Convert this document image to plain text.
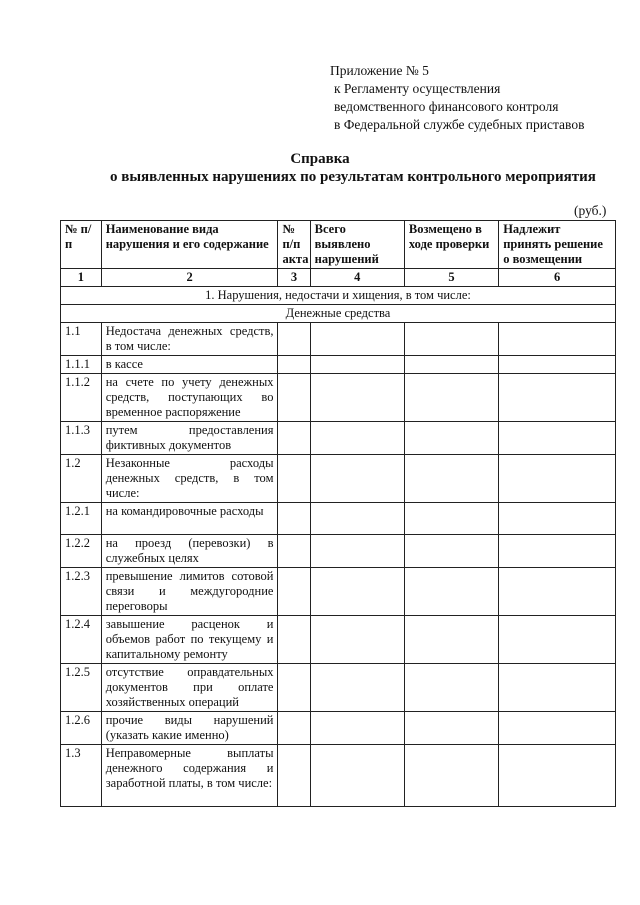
Приложение № 5
к Регламенту осуществления
ведомственного финансового контроля
в Федеральной службе судебных приставов
Справка
о выявленных нарушениях по результатам контрольного мероприятия
(руб.)
№ п/п	Наименование вида нарушения и его содержание	№ п/п акта	Всего выявлено нарушений	Возмещено в ходе проверки	Надлежит принять решение о возмещении
1	2	3	4	5	6
1. Нарушения, недостачи и хищения, в том числе:					
Денежные средства					
1.1	Недостача денежных средств, в том числе:				
1.1.1	в кассе				
1.1.2	на счете по учету денежных средств, поступающих во временное распоряжение				
1.1.3	путем предоставления фиктивных документов				
1.2	Незаконные расходы денежных средств, в том числе:				
1.2.1	на командировочные расходы				
1.2.2	на проезд (перевозки) в служебных целях				
1.2.3	превышение лимитов сотовой связи и междугородние переговоры				
1.2.4	завышение расценок и объемов работ по текущему и капитальному ремонту				
1.2.5	отсутствие оправдательных документов при оплате хозяйственных операций				
1.2.6	прочие виды нарушений (указать какие именно)				
1.3	Неправомерные выплаты денежного содержания и заработной платы, в том числе:				
